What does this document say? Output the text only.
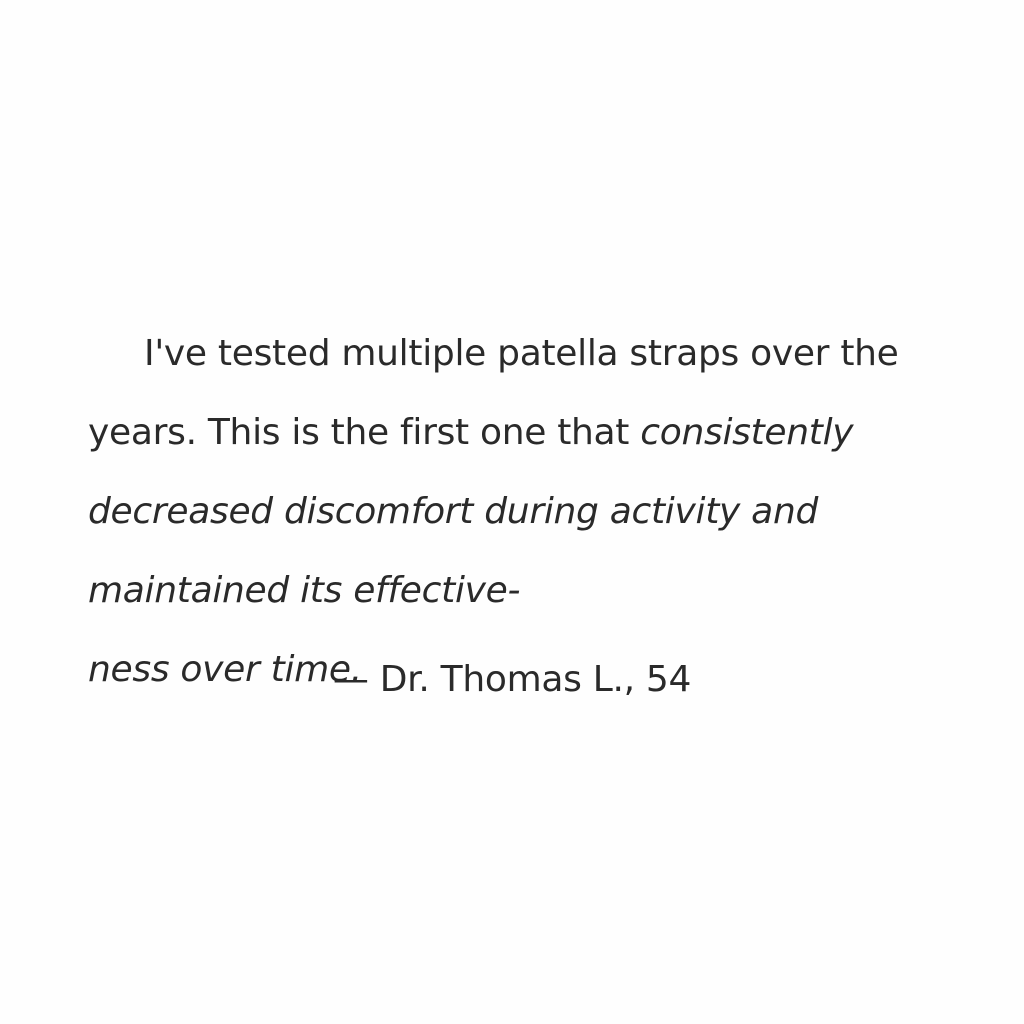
I've tested multiple patella straps over the years. This is the first one that consistently decreased discomfort during activity and maintained its effective-
ness over time.

— Dr. Thomas L., 54
